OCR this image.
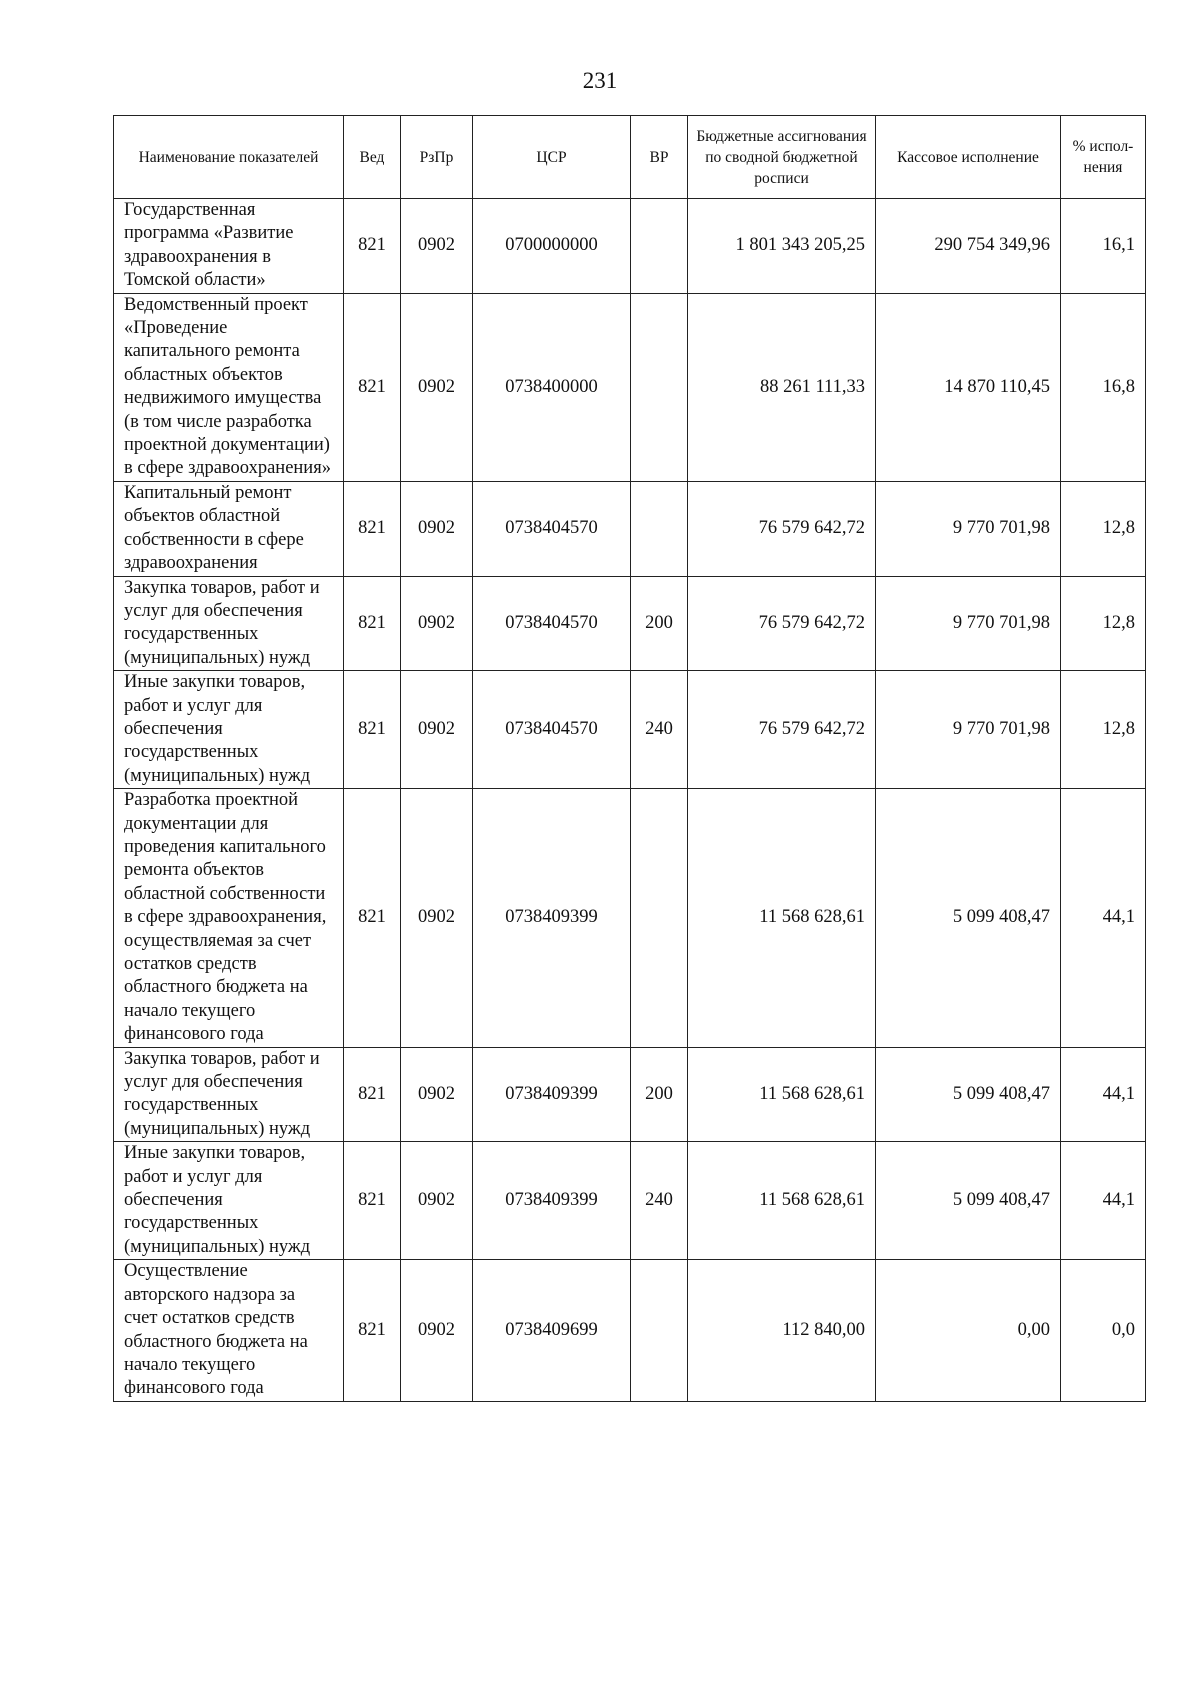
231
Наименование показателей	Вед	РзПр	ЦСР	ВР	Бюджетные ассигнования по сводной бюджетной росписи	Кассовое исполнение	% испол-нения
Государственная программа «Развитие здравоохранения в Томской области»	821	0902	0700000000		1 801 343 205,25	290 754 349,96	16,1
Ведомственный проект «Проведение капитального ремонта областных объектов недвижимого имущества (в том числе разработка проектной документации) в сфере здравоохранения»	821	0902	0738400000		88 261 111,33	14 870 110,45	16,8
Капитальный ремонт объектов областной собственности в сфере здравоохранения	821	0902	0738404570		76 579 642,72	9 770 701,98	12,8
Закупка товаров, работ и услуг для обеспечения государственных (муниципальных) нужд	821	0902	0738404570	200	76 579 642,72	9 770 701,98	12,8
Иные закупки товаров, работ и услуг для обеспечения государственных (муниципальных) нужд	821	0902	0738404570	240	76 579 642,72	9 770 701,98	12,8
Разработка проектной документации для проведения капитального ремонта объектов областной собственности в сфере здравоохранения, осуществляемая за счет остатков средств областного бюджета на начало текущего финансового года	821	0902	0738409399		11 568 628,61	5 099 408,47	44,1
Закупка товаров, работ и услуг для обеспечения государственных (муниципальных) нужд	821	0902	0738409399	200	11 568 628,61	5 099 408,47	44,1
Иные закупки товаров, работ и услуг для обеспечения государственных (муниципальных) нужд	821	0902	0738409399	240	11 568 628,61	5 099 408,47	44,1
Осуществление авторского надзора за счет остатков средств областного бюджета на начало текущего финансового года	821	0902	0738409699		112 840,00	0,00	0,0
